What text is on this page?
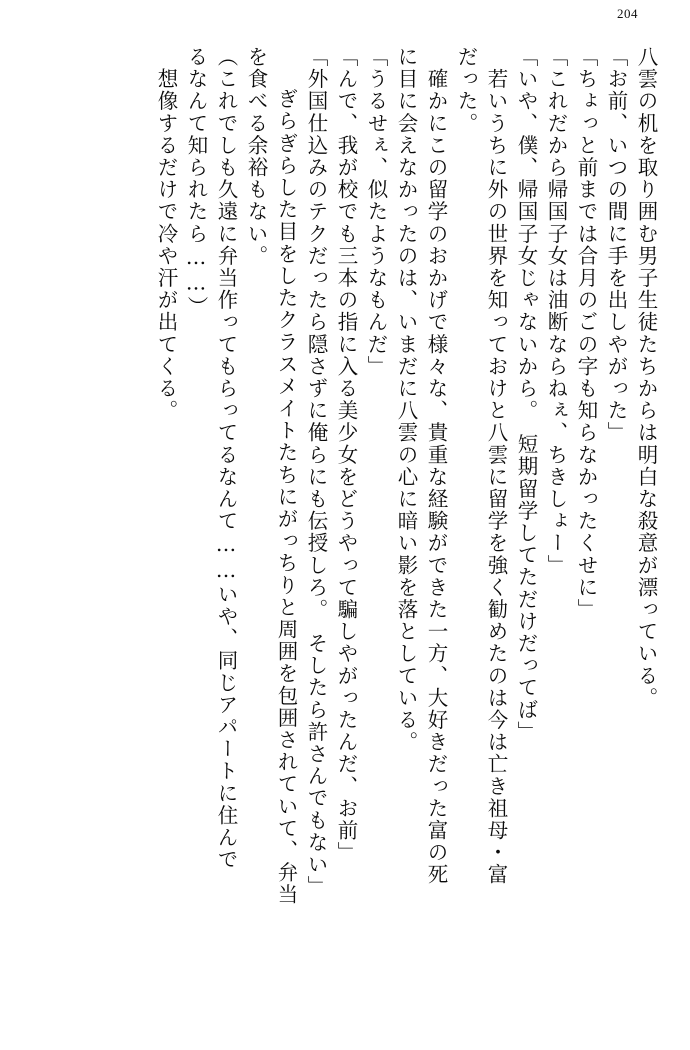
204
八雲の机を取り囲む男子生徒たちからは明白な殺意が漂っている。
「お前、いつの間に手を出しやがった」
「ちょっと前までは合月のごの字も知らなかったくせに」
「これだから帰国子女は油断ならねぇ、ちきしょー」
「いや、僕、帰国子女じゃないから。　短期留学してただけだってば」
　若いうちに外の世界を知っておけと八雲に留学を強く勧めたのは今は亡き祖母・富
だった。
　確かにこの留学のおかげで様々な、貴重な経験ができた一方、大好きだった富の死
に目に会えなかったのは、いまだに八雲の心に暗い影を落としている。
「うるせぇ、似たようなもんだ」
「んで、我が校でも三本の指に入る美少女をどうやって騙しやがったんだ、お前」
「外国仕込みのテクだったら隠さずに俺らにも伝授しろ。　そしたら許さんでもない」
　ぎらぎらした目をしたクラスメイトたちにがっちりと周囲を包囲されていて、弁当
を食べる余裕もない。
（これでしも久遠に弁当作ってもらってるなんて……いや、同じアパートに住んで
るなんて知られたら……）
　想像するだけで冷や汗が出てくる。
